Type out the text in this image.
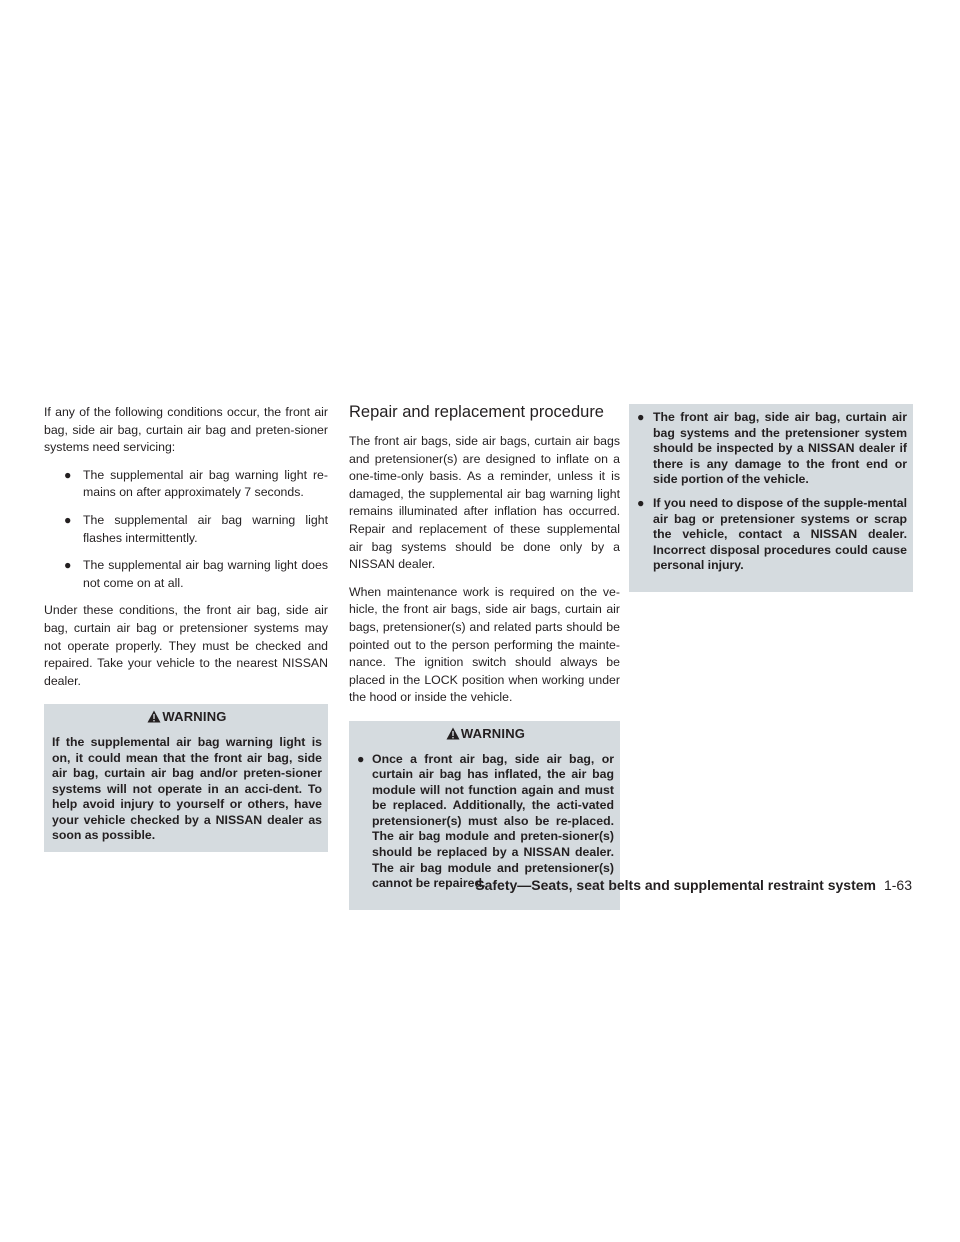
If any of the following conditions occur, the front air bag, side air bag, curtain air bag and preten-sioner systems need servicing:

● The supplemental air bag warning light re-mains on after approximately 7 seconds.
● The supplemental air bag warning light flashes intermittently.
● The supplemental air bag warning light does not come on at all.

Under these conditions, the front air bag, side air bag, curtain air bag or pretensioner systems may not operate properly. They must be checked and repaired. Take your vehicle to the nearest NISSAN dealer.

WARNING
If the supplemental air bag warning light is on, it could mean that the front air bag, side air bag, curtain air bag and/or preten-sioner systems will not operate in an acci-dent. To help avoid injury to yourself or others, have your vehicle checked by a NISSAN dealer as soon as possible.
Repair and replacement procedure

The front air bags, side air bags, curtain air bags and pretensioner(s) are designed to inflate on a one-time-only basis. As a reminder, unless it is damaged, the supplemental air bag warning light remains illuminated after inflation has occurred. Repair and replacement of these supplemental air bag systems should be done only by a NISSAN dealer.

When maintenance work is required on the ve-hicle, the front air bags, side air bags, curtain air bags, pretensioner(s) and related parts should be pointed out to the person performing the mainte-nance. The ignition switch should always be placed in the LOCK position when working under the hood or inside the vehicle.

WARNING
● Once a front air bag, side air bag, or curtain air bag has inflated, the air bag module will not function again and must be replaced. Additionally, the acti-vated pretensioner(s) must also be re-placed. The air bag module and preten-sioner(s) should be replaced by a NISSAN dealer. The air bag module and pretensioner(s) cannot be repaired.
● The front air bag, side air bag, curtain air bag systems and the pretensioner system should be inspected by a NISSAN dealer if there is any damage to the front end or side portion of the vehicle.
● If you need to dispose of the supple-mental air bag or pretensioner systems or scrap the vehicle, contact a NISSAN dealer. Incorrect disposal procedures could cause personal injury.
Safety—Seats, seat belts and supplemental restraint system 1-63
